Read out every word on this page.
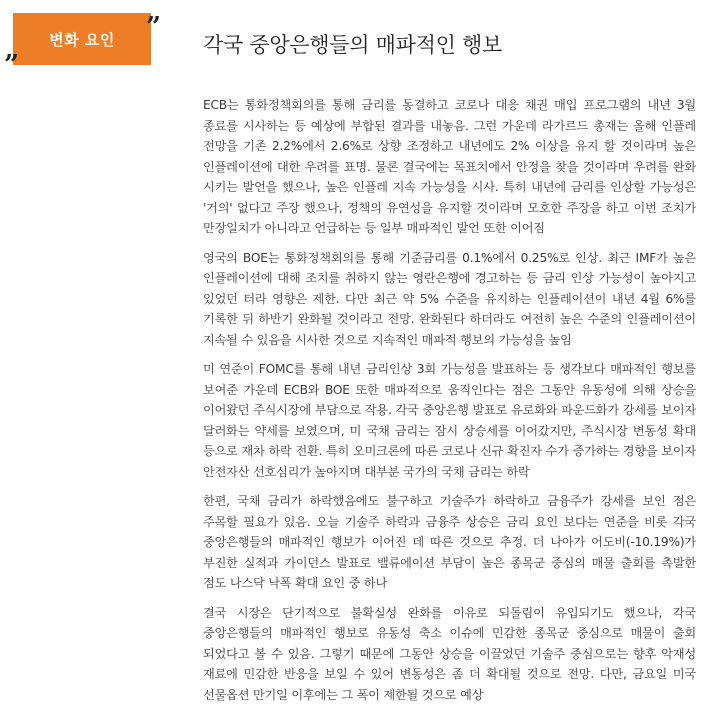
변화 요인 ”
”
각국 중앙은행들의 매파적인 행보

ECB는 통화정책회의를 통해 금리를 동결하고 코로나 대응 채권 매입 프로그램의 내년 3월 종료를 시사하는 등 예상에 부합된 결과를 내놓음. 그런 가운데 라가르드 총재는 올해 인플레 전망을 기존 2.2%에서 2.6%로 상향 조정하고 내년에도 2% 이상을 유지 할 것이라며 높은 인플레이션에 대한 우려를 표명. 물론 결국에는 목표치에서 안정을 찾을 것이라며 우려를 완화 시키는 발언을 했으나, 높은 인플레 지속 가능성을 시사. 특히 내년에 금리를 인상할 가능성은 '거의' 없다고 주장 했으나, 정책의 유연성을 유지할 것이라며 모호한 주장을 하고 이번 조치가 만장일치가 아니라고 언급하는 등 일부 매파적인 발언 또한 이어짐

영국의 BOE는 통화정책회의를 통해 기준금리를 0.1%에서 0.25%로 인상. 최근 IMF가 높은 인플레이션에 대해 조치를 취하지 않는 영란은행에 경고하는 등 금리 인상 가능성이 높아지고 있었던 터라 영향은 제한. 다만 최근 약 5% 수준을 유지하는 인플레이션이 내년 4월 6%를 기록한 뒤 하반기 완화될 것이라고 전망. 완화된다 하더라도 여전히 높은 수준의 인플레이션이 지속될 수 있음을 시사한 것으로 지속적인 매파적 행보의 가능성을 높임

미 연준이 FOMC를 통해 내년 금리인상 3회 가능성을 발표하는 등 생각보다 매파적인 행보를 보여준 가운데 ECB와 BOE 또한 매파적으로 움직인다는 점은 그동안 유동성에 의해 상승을 이어왔던 주식시장에 부담으로 작용. 각국 중앙은행 발표로 유로화와 파운드화가 강세를 보이자 달러화는 약세를 보였으며, 미 국채 금리는 잠시 상승세를 이어갔지만, 주식시장 변동성 확대 등으로 재차 하락 전환. 특히 오미크론에 따른 코로나 신규 확진자 수가 증가하는 경향을 보이자 안전자산 선호심리가 높아지며 대부분 국가의 국채 금리는 하락

한편, 국채 금리가 하락했음에도 불구하고 기술주가 하락하고 금융주가 강세를 보인 점은 주목할 필요가 있음. 오늘 기술주 하락과 금융주 상승은 금리 요인 보다는 연준을 비롯 각국 중앙은행들의 매파적인 행보가 이어진 데 따른 것으로 추정. 더 나아가 어도비(-10.19%)가 부진한 실적과 가이던스 발표로 밸류에이션 부담이 높은 종목군 중심의 매물 출회를 촉발한 점도 나스닥 낙폭 확대 요인 중 하나

결국 시장은 단기적으로 불확실성 완화를 이유로 되돌림이 유입되기도 했으나, 각국 중앙은행들의 매파적인 행보로 유동성 축소 이슈에 민감한 종목군 중심으로 매물이 출회 되었다고 볼 수 있음. 그렇기 때문에 그동안 상승을 이끌었던 기술주 중심으로는 향후 악재성 재료에 민감한 반응을 보일 수 있어 변동성은 좀 더 확대될 것으로 전망. 다만, 금요일 미국 선물옵션 만기일 이후에는 그 폭이 제한될 것으로 예상
